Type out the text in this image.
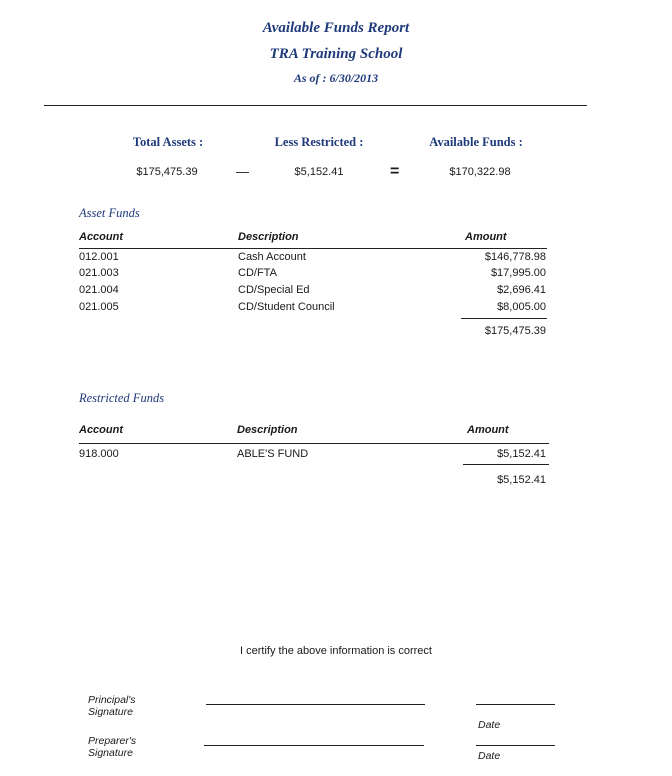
Available Funds Report
TRA Training School
As of : 6/30/2013
Total Assets :	Less Restricted :	Available Funds :
$175,475.39	—	$5,152.41	=	$170,322.98
Asset Funds
Account	Description	Amount
012.001	Cash Account	$146,778.98
021.003	CD/FTA	$17,995.00
021.004	CD/Special Ed	$2,696.41
021.005	CD/Student Council	$8,005.00
$175,475.39
Restricted Funds
Account	Description	Amount
918.000	ABLE'S FUND	$5,152.41
$5,152.41
I certify the above information is correct
Principal's
Signature
Date
Preparer's
Signature	Date
